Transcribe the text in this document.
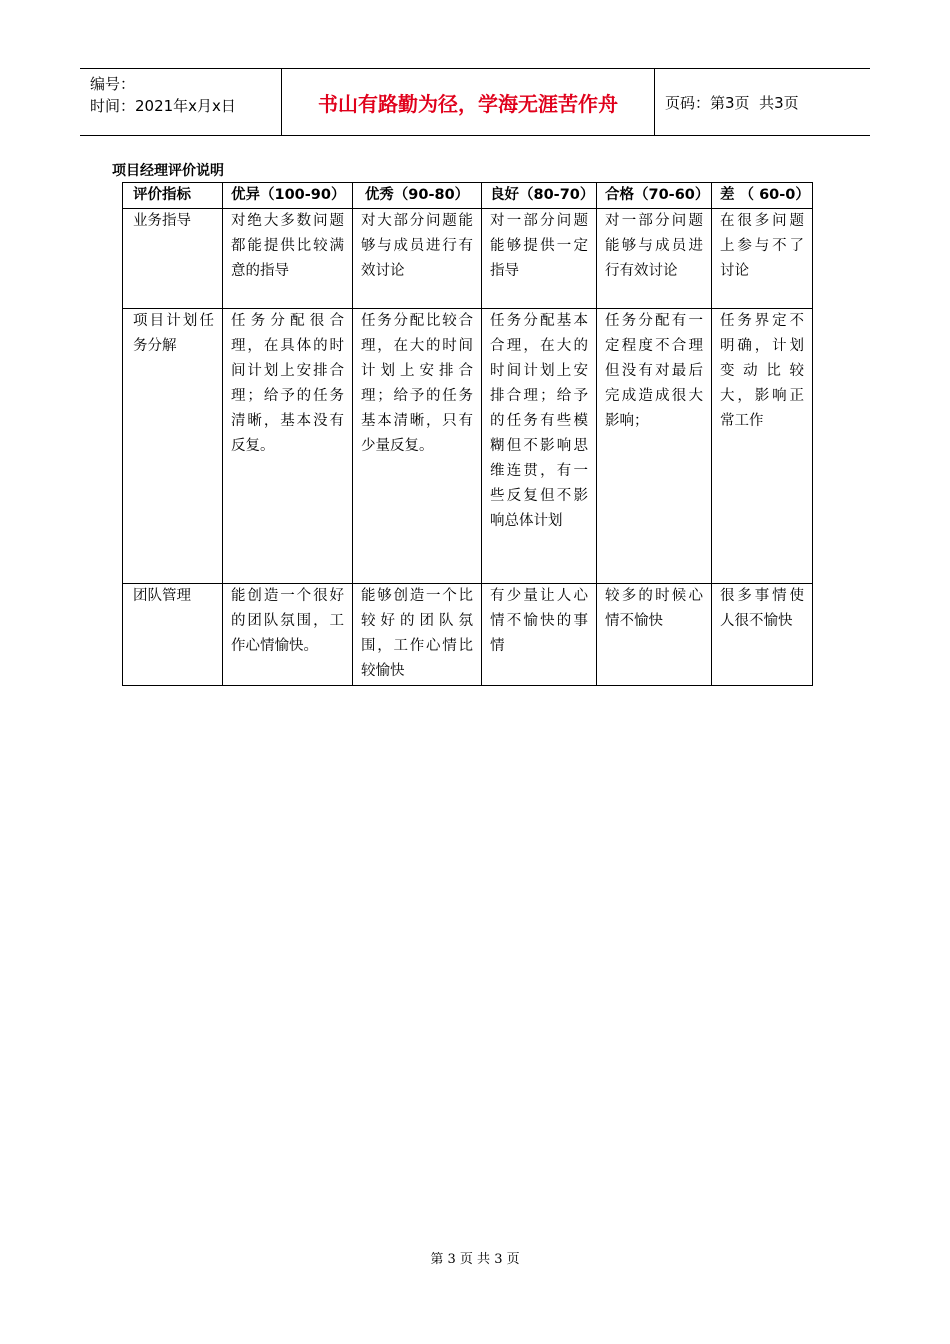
编号：
时间：2021年x月x日	书山有路勤为径，学海无涯苦作舟	页码：第3页  共3页
项目经理评价说明
评价指标	优异（100-90）	优秀（90-80）	良好（80-70）	合格（70-60）	差 （ 60-0）
业务指导	对绝大多数问题都能提供比较满意的指导	对大部分问题能够与成员进行有效讨论	对一部分问题能够提供一定指导	对一部分问题能够与成员进行有效讨论	在很多问题上参与不了讨论
项目计划任务分解	任务分配很合理，在具体的时间计划上安排合理；给予的任务清晰，基本没有反复。	任务分配比较合理，在大的时间计划上安排合理；给予的任务基本清晰，只有少量反复。	任务分配基本合理，在大的时间计划上安排合理；给予的任务有些模糊但不影响思维连贯，有一些反复但不影响总体计划	任务分配有一定程度不合理但没有对最后完成造成很大影响；	任务界定不明确，计划变动比较大，影响正常工作
团队管理	能创造一个很好的团队氛围，工作心情愉快。	能够创造一个比较好的团队氛围，工作心情比较愉快	有少量让人心情不愉快的事情	较多的时候心情不愉快	很多事情使人很不愉快
第 3 页 共 3 页
